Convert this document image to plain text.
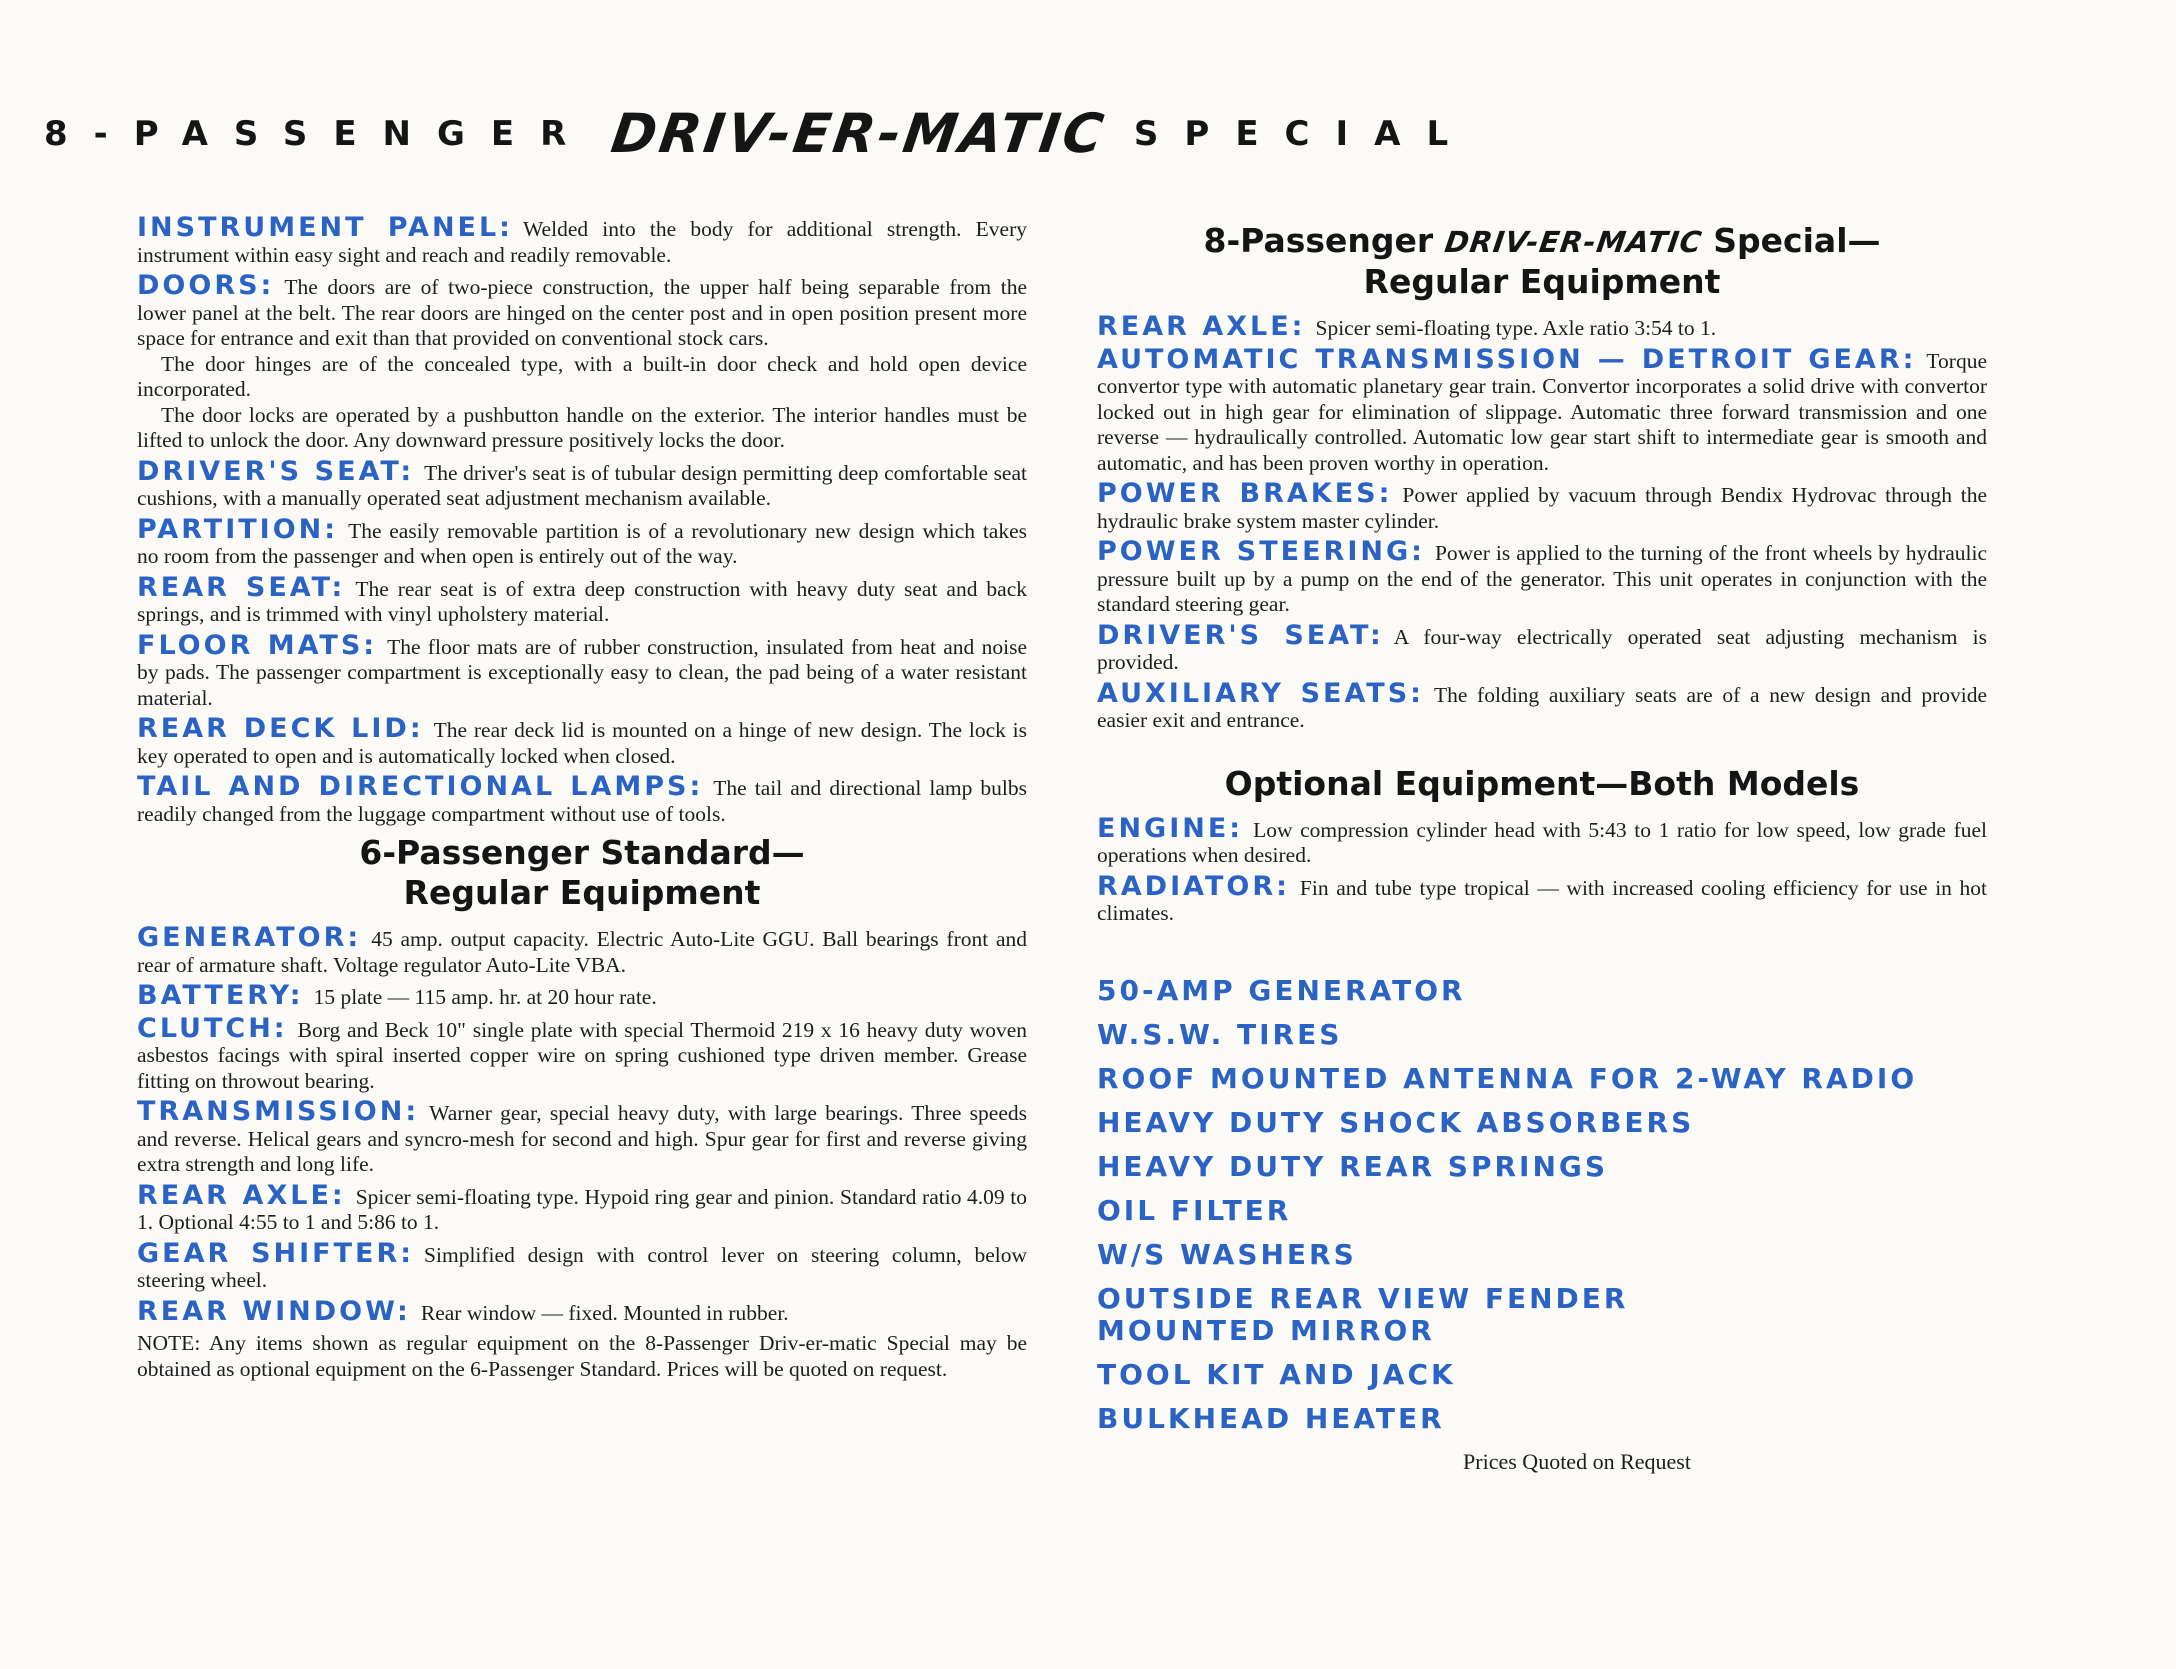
8-PASSENGER DRIV-ER-MATIC SPECIAL

INSTRUMENT PANEL: Welded into the body for additional strength. Every instrument within easy sight and reach and readily removable.

DOORS: The doors are of two-piece construction, the upper half being separable from the lower panel at the belt. The rear doors are hinged on the center post and in open position present more space for entrance and exit than that provided on conventional stock cars.

The door hinges are of the concealed type, with a built-in door check and hold open device incorporated.

The door locks are operated by a pushbutton handle on the exterior. The interior handles must be lifted to unlock the door. Any downward pressure positively locks the door.

DRIVER'S SEAT: The driver's seat is of tubular design permitting deep comfortable seat cushions, with a manually operated seat adjustment mechanism available.

PARTITION: The easily removable partition is of a revolutionary new design which takes no room from the passenger and when open is entirely out of the way.

REAR SEAT: The rear seat is of extra deep construction with heavy duty seat and back springs, and is trimmed with vinyl upholstery material.

FLOOR MATS: The floor mats are of rubber construction, insulated from heat and noise by pads. The passenger compartment is exceptionally easy to clean, the pad being of a water resistant material.

REAR DECK LID: The rear deck lid is mounted on a hinge of new design. The lock is key operated to open and is automatically locked when closed.

TAIL AND DIRECTIONAL LAMPS: The tail and directional lamp bulbs readily changed from the luggage compartment without use of tools.

6-Passenger Standard—
Regular Equipment

GENERATOR: 45 amp. output capacity. Electric Auto-Lite GGU. Ball bearings front and rear of armature shaft. Voltage regulator Auto-Lite VBA.

BATTERY: 15 plate — 115 amp. hr. at 20 hour rate.

CLUTCH: Borg and Beck 10" single plate with special Thermoid 219 x 16 heavy duty woven asbestos facings with spiral inserted copper wire on spring cushioned type driven member. Grease fitting on throwout bearing.

TRANSMISSION: Warner gear, special heavy duty, with large bearings. Three speeds and reverse. Helical gears and syncro-mesh for second and high. Spur gear for first and reverse giving extra strength and long life.

REAR AXLE: Spicer semi-floating type. Hypoid ring gear and pinion. Standard ratio 4.09 to 1. Optional 4:55 to 1 and 5:86 to 1.

GEAR SHIFTER: Simplified design with control lever on steering column, below steering wheel.

REAR WINDOW: Rear window — fixed. Mounted in rubber.

NOTE: Any items shown as regular equipment on the 8-Passenger Driv-er-matic Special may be obtained as optional equipment on the 6-Passenger Standard. Prices will be quoted on request.

8-Passenger DRIV-ER-MATIC Special—
Regular Equipment

REAR AXLE: Spicer semi-floating type. Axle ratio 3:54 to 1.

AUTOMATIC TRANSMISSION — DETROIT GEAR: Torque convertor type with automatic planetary gear train. Convertor incorporates a solid drive with convertor locked out in high gear for elimination of slippage. Automatic three forward transmission and one reverse — hydraulically controlled. Automatic low gear start shift to intermediate gear is smooth and automatic, and has been proven worthy in operation.

POWER BRAKES: Power applied by vacuum through Bendix Hydrovac through the hydraulic brake system master cylinder.

POWER STEERING: Power is applied to the turning of the front wheels by hydraulic pressure built up by a pump on the end of the generator. This unit operates in conjunction with the standard steering gear.

DRIVER'S SEAT: A four-way electrically operated seat adjusting mechanism is provided.

AUXILIARY SEATS: The folding auxiliary seats are of a new design and provide easier exit and entrance.

Optional Equipment—Both Models

ENGINE: Low compression cylinder head with 5:43 to 1 ratio for low speed, low grade fuel operations when desired.

RADIATOR: Fin and tube type tropical — with increased cooling efficiency for use in hot climates.

50-AMP GENERATOR
W.S.W. TIRES
ROOF MOUNTED ANTENNA FOR 2-WAY RADIO
HEAVY DUTY SHOCK ABSORBERS
HEAVY DUTY REAR SPRINGS
OIL FILTER
W/S WASHERS
OUTSIDE REAR VIEW FENDER MOUNTED MIRROR
TOOL KIT AND JACK
BULKHEAD HEATER
Prices Quoted on Request
